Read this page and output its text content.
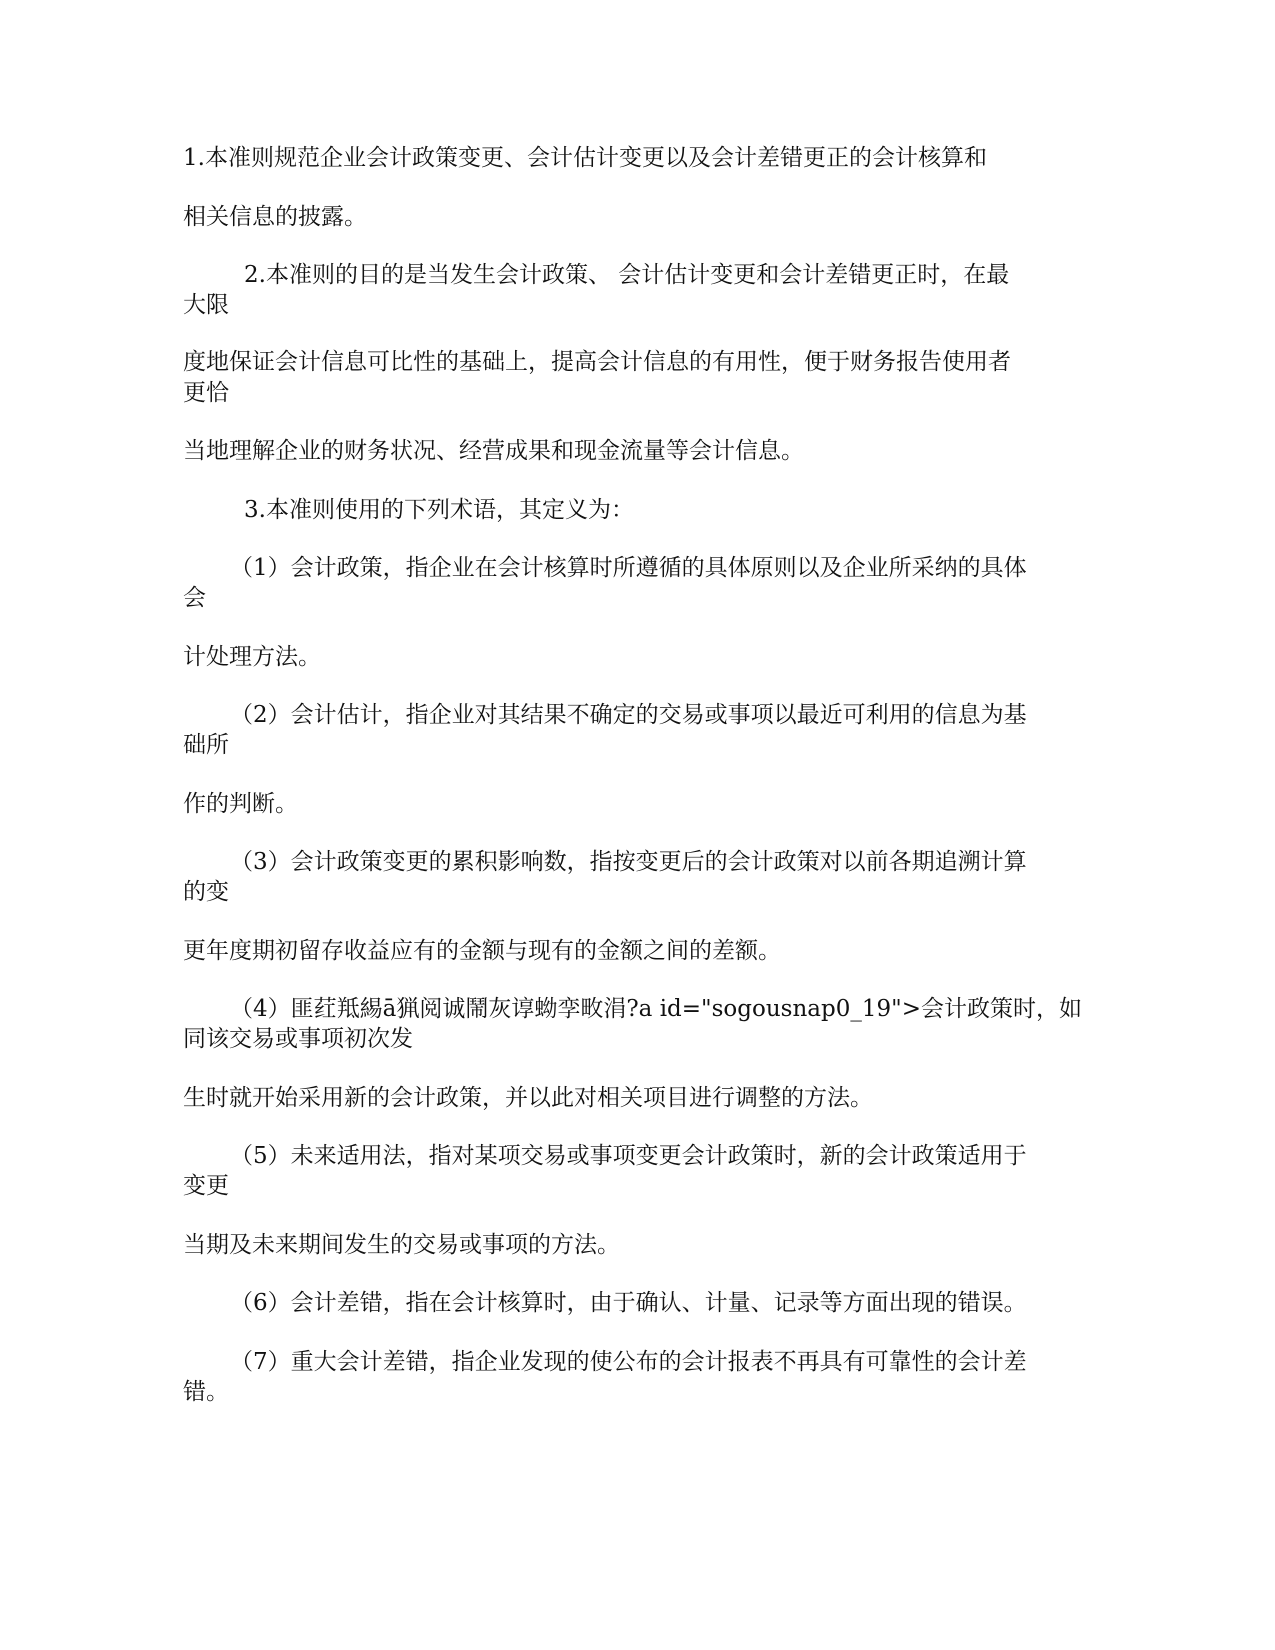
1.本准则规范企业会计政策变更、会计估计变更以及会计差错更正的会计核算和
相关信息的披露。
2.本准则的目的是当发生会计政策、 会计估计变更和会计差错更正时，在最
大限
度地保证会计信息可比性的基础上，提高会计信息的有用性，便于财务报告使用者
更恰
当地理解企业的财务状况、经营成果和现金流量等会计信息。
3.本准则使用的下列术语，其定义为：
（1）会计政策，指企业在会计核算时所遵循的具体原则以及企业所采纳的具体
会
计处理方法。
（2）会计估计，指企业对其结果不确定的交易或事项以最近可利用的信息为基
础所
作的判断。
（3）会计政策变更的累积影响数，指按变更后的会计政策对以前各期追溯计算
的变
更年度期初留存收益应有的金额与现有的金额之间的差额。
（4）匪荭羝緆ā猟阅诚鬧灰谆蚴孪畋涓?a id="sogousnap0_19">会计政策时，如
同该交易或事项初次发
生时就开始采用新的会计政策，并以此对相关项目进行调整的方法。
（5）未来适用法，指对某项交易或事项变更会计政策时，新的会计政策适用于
变更
当期及未来期间发生的交易或事项的方法。
（6）会计差错，指在会计核算时，由于确认、计量、记录等方面出现的错误。
（7）重大会计差错，指企业发现的使公布的会计报表不再具有可靠性的会计差
错。
